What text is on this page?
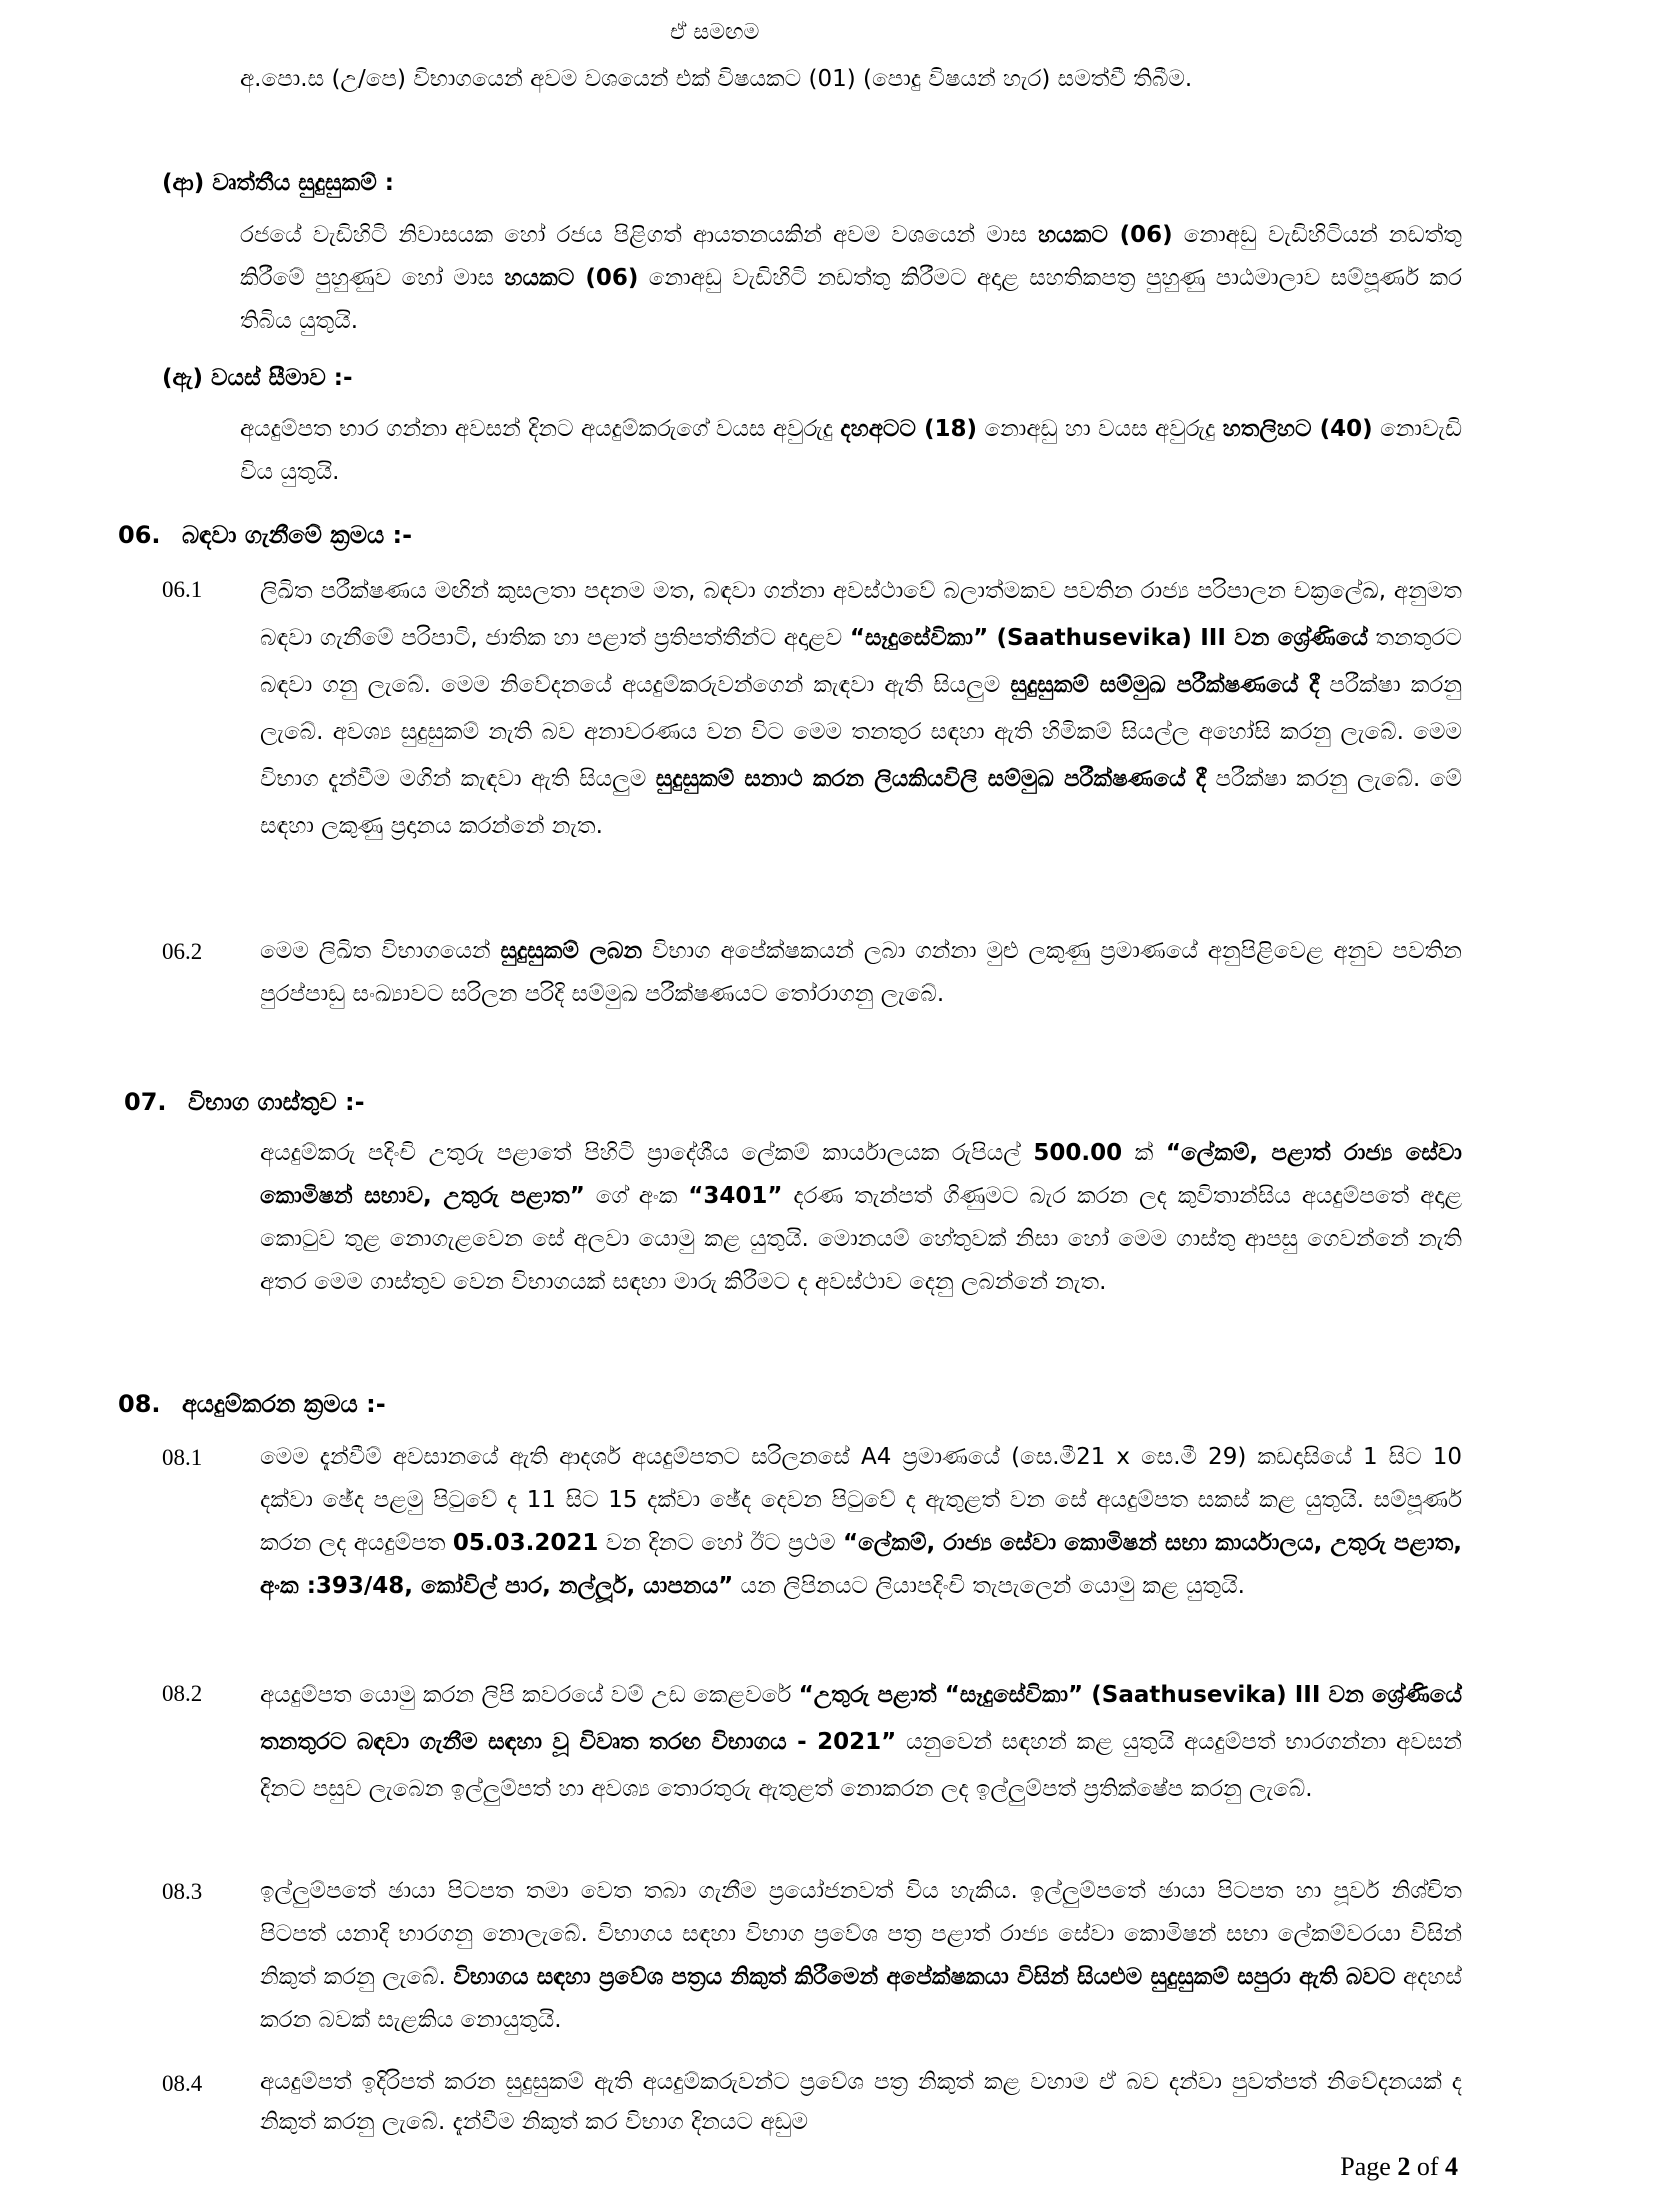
ඒ සමඟම

අ.පො.ස (උ/පෙ) විභාගයෙන් අවම වශයෙන් එක් විෂයකට (01) (පොදු විෂයන් හැර) සමත්වී තිබීම.

(ආ) වෘත්තීය සුදුසුකම් :

රජයේ වැඩිහිටි නිවාසයක හෝ රජය පිළිගත් ආයතනයකින් අවම වශයෙන් මාස හයකට (06) නොඅඩු වැඩිහිටියන් නඩත්තු කිරීමේ පුහුණුව හෝ මාස හයකට (06) නොඅඩු වැඩිහිටි නඩත්තු කිරීමට අදාළ සහතිකපත්‍ර පුහුණු පාඨමාලාව සම්පූර්ණ කර තිබිය යුතුයි.

(ඇ) වයස් සීමාව :-

අයදුම්පත භාර ගන්නා අවසන් දිනට අයදුම්කරුගේ වයස අවුරුදු දහඅටට (18) නොඅඩු හා වයස අවුරුදු හතලිහට (40) නොවැඩි විය යුතුයි.

06. බඳවා ගැනීමේ ක්‍රමය :-

06.1	ලිඛිත පරීක්ෂණය මඟින් කුසලතා පදනම මත, බඳවා ගන්නා අවස්ථාවේ බලාත්මකව පවතින රාජ්‍ය පරිපාලන චක්‍රලේඛ, අනුමත බඳවා ගැනීමේ පරිපාටි, ජාතික හා පළාත් ප්‍රතිපත්තීන්ට අදාළව “සෑදුසේවිකා” (Saathusevika) III වන ශ්‍රේණියේ තනතුරට බඳවා ගනු ලැබේ. මෙම නිවේදනයේ අයදුම්කරුවන්ගෙන් කැඳවා ඇති සියලුම සුදුසුකම් සම්මුඛ පරීක්ෂණයේ දී පරීක්ෂා කරනු ලැබේ. අවශ්‍ය සුදුසුකම් නැති බව අනාවරණය වන විට මෙම තනතුර සඳහා ඇති හිමිකම් සියල්ල අහෝසි කරනු ලැබේ. මෙම විභාග දැන්වීම මගින් කැඳවා ඇති සියලුම සුදුසුකම් සනාථ කරන ලියකියවිලි සම්මුඛ පරීක්ෂණයේ දී පරීක්ෂා කරනු ලැබේ. මේ සඳහා ලකුණු ප්‍රදානය කරන්නේ නැත.

06.2	මෙම ලිඛිත විභාගයෙන් සුදුසුකම් ලබන විභාග අපේක්ෂකයන් ලබා ගන්නා මුළු ලකුණු ප්‍රමාණයේ අනුපිළිවෙළ අනුව පවතින පුරප්පාඩු සංඛ්‍යාවට සරිලන පරිදි සම්මුඛ පරීක්ෂණයට තෝරාගනු ලැබේ.

07. විභාග ගාස්තුව :-

අයදුම්කරු පදිංචි උතුරු පළාතේ පිහිටි ප්‍රාදේශීය ලේකම් කාර්යාලයක රුපියල් 500.00 ක් “ලේකම්, පළාත් රාජ්‍ය සේවා කොමිෂන් සභාව, උතුරු පළාත” ගේ අංක “3401” දරණ තැන්පත් ගිණුමට බැර කරන ලද කුවිතාන්සිය අයදුම්පතේ අදාළ කොටුව තුළ නොගැළවෙන සේ අලවා යොමු කළ යුතුයි. මොනයම් හේතුවක් නිසා හෝ මෙම ගාස්තු ආපසු ගෙවන්නේ නැති අතර මෙම ගාස්තුව වෙන විභාගයක් සඳහා මාරු කිරීමට ද අවස්ථාව දෙනු ලබන්නේ නැත.

08. අයදුම්කරන ක්‍රමය :-

08.1	මෙම දැන්වීම් අවසානයේ ඇති ආදර්ශ අයදුම්පතට සරිලනසේ A4 ප්‍රමාණයේ (සෙ.මී21 x සෙ.මී 29) කඩදාසියේ 1 සිට 10 දක්වා ඡේද පළමු පිටුවේ ද 11 සිට 15 දක්වා ඡේද දෙවන පිටුවේ ද ඇතුළත් වන සේ අයදුම්පත සකස් කළ යුතුයි. සම්පූර්ණ කරන ලද අයදුම්පත 05.03.2021 වන දිනට හෝ ඊට ප්‍රථම “ලේකම්, රාජ්‍ය සේවා කොමිෂන් සභා කාර්යාලය, උතුරු පළාත, අංක :393/48, කෝවිල් පාර, නල්ලූර්, යාපනය” යන ලිපිනයට ලියාපදිංචි තැපැලෙන් යොමු කළ යුතුයි.

08.2	අයදුම්පත යොමු කරන ලිපි කවරයේ වම් උඩ කෙළවරේ “උතුරු පළාත් “සෑදුසේවිකා” (Saathusevika) III වන ශ්‍රේණියේ තනතුරට බඳවා ගැනීම සඳහා වූ විවෘත තරඟ විභාගය - 2021” යනුවෙන් සඳහන් කළ යුතුයි අයදුම්පත් භාරගන්නා අවසන් දිනට පසුව ලැබෙන ඉල්ලුම්පත් හා අවශ්‍ය තොරතුරු ඇතුළත් නොකරන ලද ඉල්ලුම්පත් ප්‍රතික්ෂේප කරනු ලැබේ.

08.3	ඉල්ලුම්පතේ ඡායා පිටපත තමා වෙත තබා ගැනීම ප්‍රයෝජනවත් විය හැකිය. ඉල්ලුම්පතේ ඡායා පිටපත හා පූර්ව නිශ්චිත පිටපත් යනාදි භාරගනු නොලැබේ. විභාගය සඳහා විභාග ප්‍රවේශ පත්‍ර පළාත් රාජ්‍ය සේවා කොමිෂන් සභා ලේකම්වරයා විසින් නිකුත් කරනු ලැබේ. විභාගය සඳහා ප්‍රවේශ පත්‍රය නිකුත් කිරීමෙන් අපේක්ෂකයා විසින් සියළුම සුදුසුකම් සපුරා ඇති බවට අදහස් කරන බවක් සැළකිය නොයුතුයි.

08.4	අයදුම්පත් ඉදිරිපත් කරන සුදුසුකම් ඇති අයදුම්කරුවන්ට ප්‍රවේශ පත්‍ර නිකුත් කළ වහාම ඒ බව දන්වා පුවත්පත් නිවේදනයක් ද නිකුත් කරනු ලැබේ. දැන්වීම නිකුත් කර විභාග දිනයට අඩුම

Page 2 of 4
